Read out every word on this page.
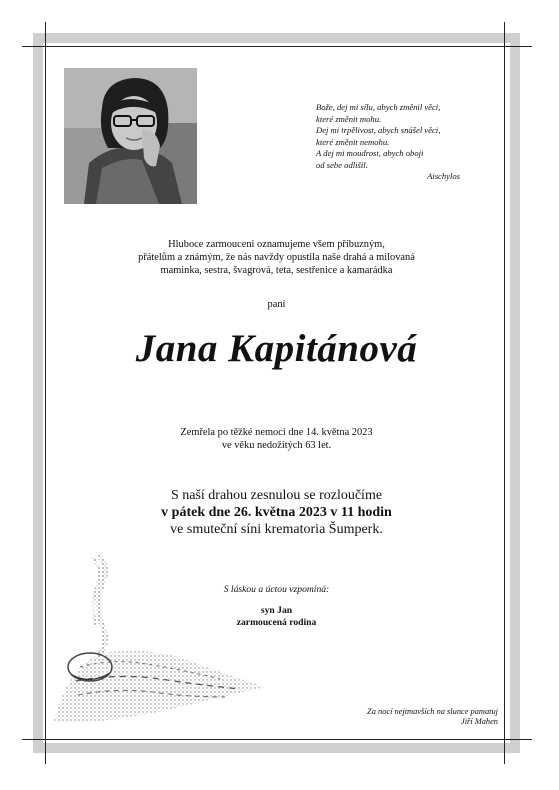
Bože, dej mi sílu, abych změnil věci,
které změnit mohu.
Dej mi trpělivost, abych snášel věci,
které změnit nemohu.
A dej mi moudrost, abych oboji
od sebe odlišil.
Aischylos
Hluboce zarmouceni oznamujeme všem příbuzným,
přátelům a známým, že nás navždy opustila naše drahá a milovaná
maminka, sestra, švagrová, teta, sestřenice a kamarádka
paní
Jana Kapitánová
Zemřela po těžké nemoci dne 14. května 2023
ve věku nedožitých 63 let.
S naší drahou zesnulou se rozloučíme
v pátek dne 26. května 2023 v 11 hodin
ve smuteční síni krematoria Šumperk.
S láskou a úctou vzpomíná:
syn Jan
zarmoucená rodina
Za nocí nejtmavších na slunce pamatuj
Jiří Mahen
